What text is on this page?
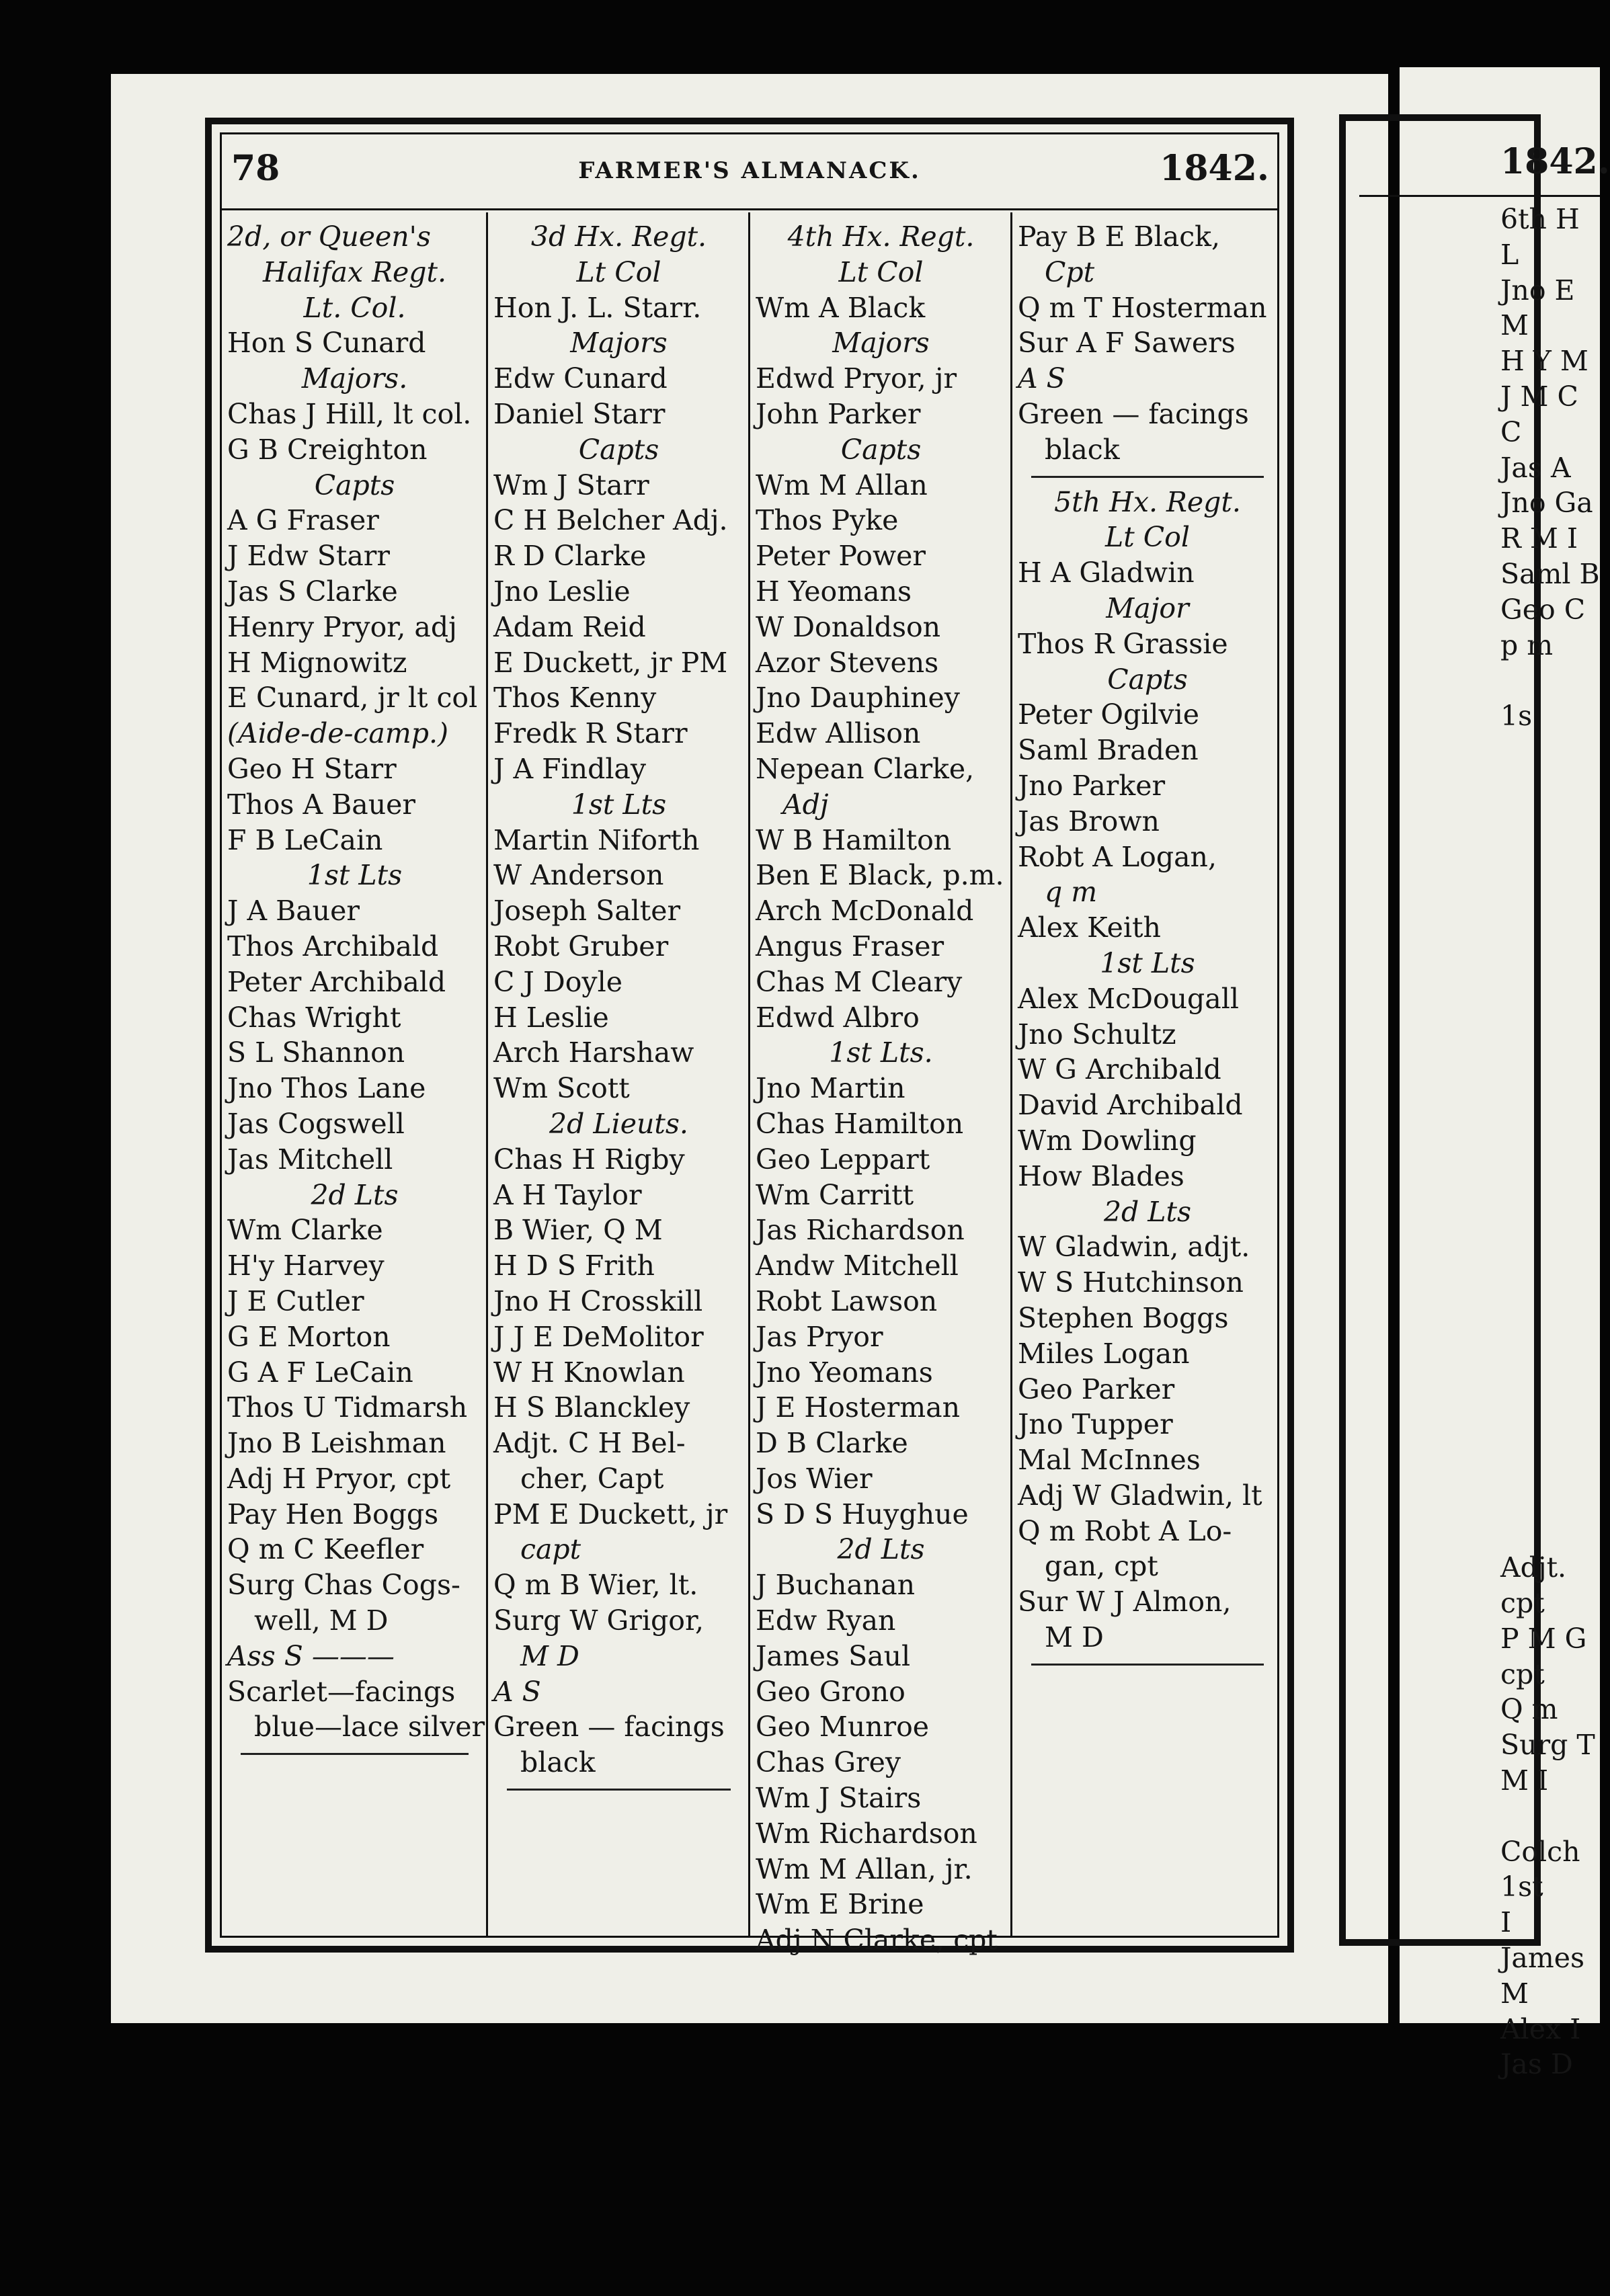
78	FARMER'S ALMANACK.	1842.
2d, or Queen's
Halifax Regt.
Lt. Col.
Hon S Cunard
Majors.
Chas J Hill, lt col.
G B Creighton
Capts
A G Fraser
J Edw Starr
Jas S Clarke
Henry Pryor, adj
H Mignowitz
E Cunard, jr lt col
(Aide-de-camp.)
Geo H Starr
Thos A Bauer
F B LeCain
1st Lts
J A Bauer
Thos Archibald
Peter Archibald
Chas Wright
S L Shannon
Jno Thos Lane
Jas Cogswell
Jas Mitchell
2d Lts
Wm Clarke
H'y Harvey
J E Cutler
G E Morton
G A F LeCain
Thos U Tidmarsh
Jno B Leishman
Adj H Pryor, cpt
Pay Hen Boggs
Q m C Keefler
Surg Chas Cogs-
well, M D
Ass S ———
Scarlet—facings
blue—lace silver
3d Hx. Regt.
Lt Col
Hon J. L. Starr.
Majors
Edw Cunard
Daniel Starr
Capts
Wm J Starr
C H Belcher Adj.
R D Clarke
Jno Leslie
Adam Reid
E Duckett, jr PM
Thos Kenny
Fredk R Starr
J A Findlay
1st Lts
Martin Niforth
W Anderson
Joseph Salter
Robt Gruber
C J Doyle
H Leslie
Arch Harshaw
Wm Scott
2d Lieuts.
Chas H Rigby
A H Taylor
B Wier, Q M
H D S Frith
Jno H Crosskill
J J E DeMolitor
W H Knowlan
H S Blanckley
Adjt. C H Bel-
cher, Capt
PM E Duckett, jr
capt
Q m B Wier, lt.
Surg W Grigor,
M D
A S
Green — facings
black
4th Hx. Regt.
Lt Col
Wm A Black
Majors
Edwd Pryor, jr
John Parker
Capts
Wm M Allan
Thos Pyke
Peter Power
H Yeomans
W Donaldson
Azor Stevens
Jno Dauphiney
Edw Allison
Nepean Clarke,
Adj
W B Hamilton
Ben E Black, p.m.
Arch McDonald
Angus Fraser
Chas M Cleary
Edwd Albro
1st Lts.
Jno Martin
Chas Hamilton
Geo Leppart
Wm Carritt
Jas Richardson
Andw Mitchell
Robt Lawson
Jas Pryor
Jno Yeomans
J E Hosterman
D B Clarke
Jos Wier
S D S Huyghue
2d Lts
J Buchanan
Edw Ryan
James Saul
Geo Grono
Geo Munroe
Chas Grey
Wm J Stairs
Wm Richardson
Wm M Allan, jr.
Wm E Brine
Adj N Clarke, cpt
Pay B E Black,
Cpt
Q m T Hosterman
Sur A F Sawers
A S
Green — facings
black
5th Hx. Regt.
Lt Col
H A Gladwin
Major
Thos R Grassie
Capts
Peter Ogilvie
Saml Braden
Jno Parker
Jas Brown
Robt A Logan,
q m
Alex Keith
1st Lts
Alex McDougall
Jno Schultz
W G Archibald
David Archibald
Wm Dowling
How Blades
2d Lts
W Gladwin, adjt.
W S Hutchinson
Stephen Boggs
Miles Logan
Geo Parker
Jno Tupper
Mal McInnes
Adj W Gladwin, lt
Q m Robt A Lo-
gan, cpt
Sur W J Almon,
M D
1842.
6th H
L
Jno E
M
H Y M
J M C
C
Jas A
Jno Ga
R M I
Saml B
Geo C
p m
1s
Adjt.
cpt
P M G
cpt
Q m
Surg T
M I
Colch
1st
I
James
M
Alex I
Jas D
